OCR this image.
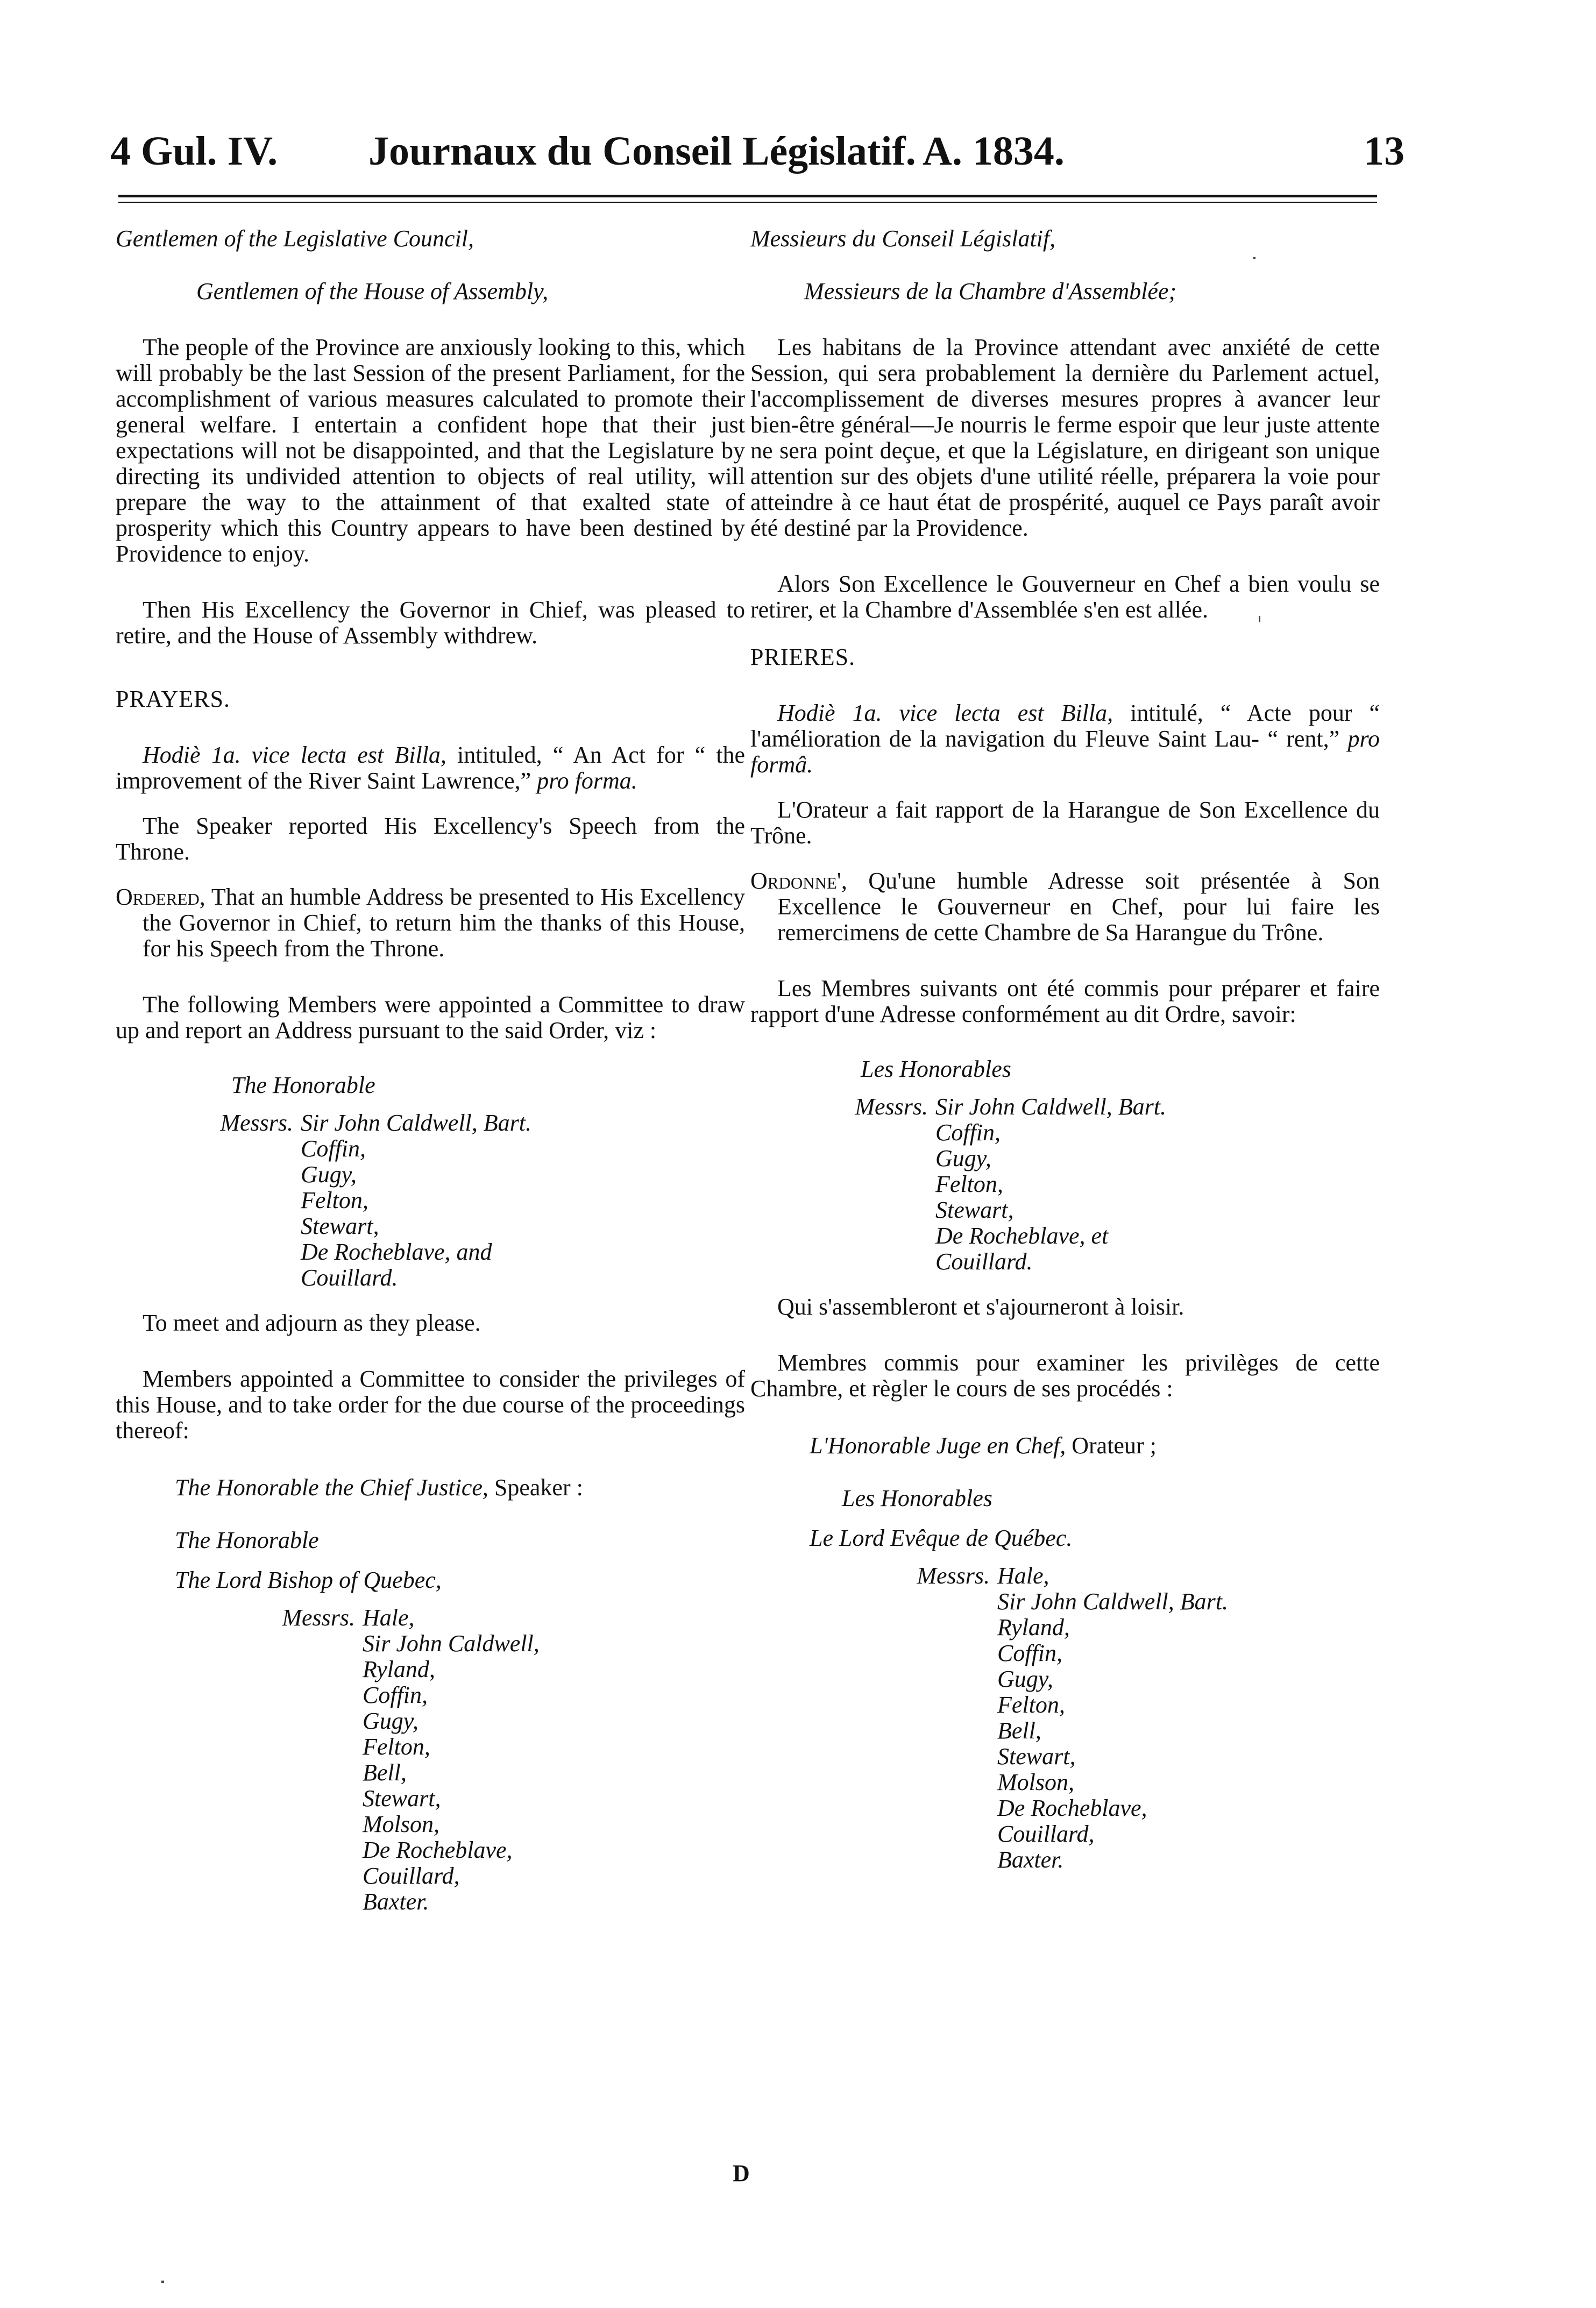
4 Gul. IV. Journaux du Conseil Législatif. A. 1834.	13

Gentlemen of the Legislative Council,

Gentlemen of the House of Assembly,

The people of the Province are anxiously looking to this, which will probably be the last Session of the present Parliament, for the accomplishment of various measures calculated to promote their general welfare. I entertain a confident hope that their just expectations will not be disappointed, and that the Legislature by directing its undivided attention to objects of real utility, will prepare the way to the attainment of that exalted state of prosperity which this Country appears to have been destined by Providence to enjoy.

Then His Excellency the Governor in Chief, was pleased to retire, and the House of Assembly withdrew.

PRAYERS.

Hodiè 1a. vice lecta est Billa, intituled, “ An Act for “ the improvement of the River Saint Lawrence,” pro forma.

The Speaker reported His Excellency's Speech from the Throne.

Ordered, That an humble Address be presented to His Excellency the Governor in Chief, to return him the thanks of this House, for his Speech from the Throne.

The following Members were appointed a Committee to draw up and report an Address pursuant to the said Order, viz :

The Honorable
Messrs. Sir John Caldwell, Bart.
Coffin,
Gugy,
Felton,
Stewart,
De Rocheblave, and
Couillard.

To meet and adjourn as they please.

Members appointed a Committee to consider the privileges of this House, and to take order for the due course of the proceedings thereof:

The Honorable the Chief Justice, Speaker :
The Honorable
The Lord Bishop of Quebec,
Messrs. Hale,
Sir John Caldwell,
Ryland,
Coffin,
Gugy,
Felton,
Bell,
Stewart,
Molson,
De Rocheblave,
Couillard,
Baxter.

Messieurs du Conseil Législatif,

Messieurs de la Chambre d'Assemblée;

Les habitans de la Province attendant avec anxiété de cette Session, qui sera probablement la dernière du Parlement actuel, l'accomplissement de diverses mesures propres à avancer leur bien-être général—Je nourris le ferme espoir que leur juste attente ne sera point deçue, et que la Législature, en dirigeant son unique attention sur des objets d'une utilité réelle, préparera la voie pour atteindre à ce haut état de prospérité, auquel ce Pays paraît avoir été destiné par la Providence.

Alors Son Excellence le Gouverneur en Chef a bien voulu se retirer, et la Chambre d'Assemblée s'en est allée.

PRIERES.

Hodiè 1a. vice lecta est Billa, intitulé, “ Acte pour “ l'amélioration de la navigation du Fleuve Saint Lau- “ rent,” pro formâ.

L'Orateur a fait rapport de la Harangue de Son Excellence du Trône.

Ordonne', Qu'une humble Adresse soit présentée à Son Excellence le Gouverneur en Chef, pour lui faire les remercimens de cette Chambre de Sa Harangue du Trône.

Les Membres suivants ont été commis pour préparer et faire rapport d'une Adresse conformément au dit Ordre, savoir:

Les Honorables
Messrs. Sir John Caldwell, Bart.
Coffin,
Gugy,
Felton,
Stewart,
De Rocheblave, et
Couillard.

Qui s'assembleront et s'ajourneront à loisir.

Membres commis pour examiner les privilèges de cette Chambre, et règler le cours de ses procédés :

L'Honorable Juge en Chef, Orateur ;
Les Honorables
Le Lord Evêque de Québec.
Messrs. Hale,
Sir John Caldwell, Bart.
Ryland,
Coffin,
Gugy,
Felton,
Bell,
Stewart,
Molson,
De Rocheblave,
Couillard,
Baxter.
D
